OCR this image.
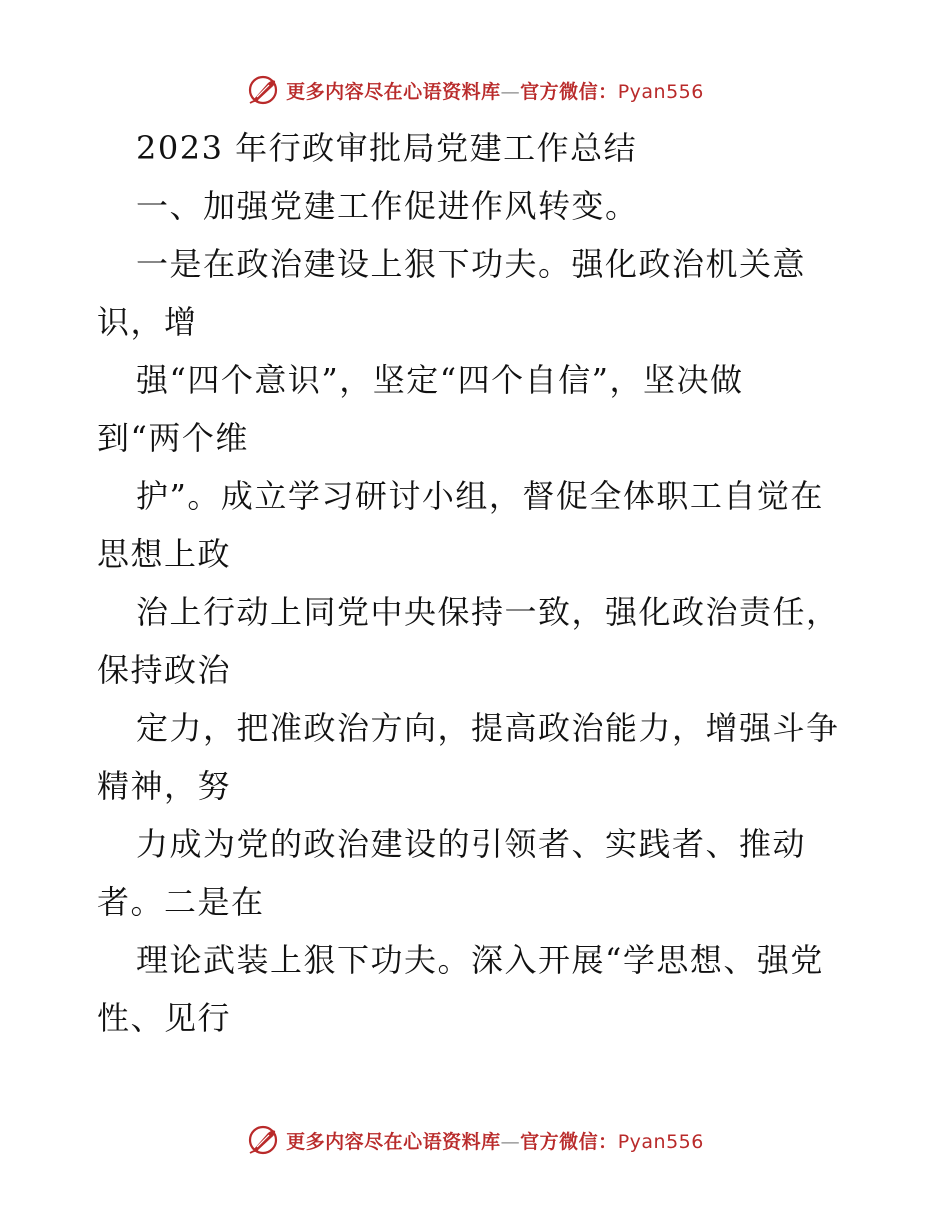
更多内容尽在心语资料库—官方微信：Pyan556
2023 年行政审批局党建工作总结
一、加强党建工作促进作风转变。
一是在政治建设上狠下功夫。强化政治机关意
识，增
强“四个意识”，坚定“四个自信”，坚决做
到“两个维
护”。成立学习研讨小组，督促全体职工自觉在
思想上政
治上行动上同党中央保持一致，强化政治责任，
保持政治
定力，把准政治方向，提高政治能力，增强斗争
精神，努
力成为党的政治建设的引领者、实践者、推动
者。二是在
理论武装上狠下功夫。深入开展“学思想、强党
性、见行
更多内容尽在心语资料库—官方微信：Pyan556
